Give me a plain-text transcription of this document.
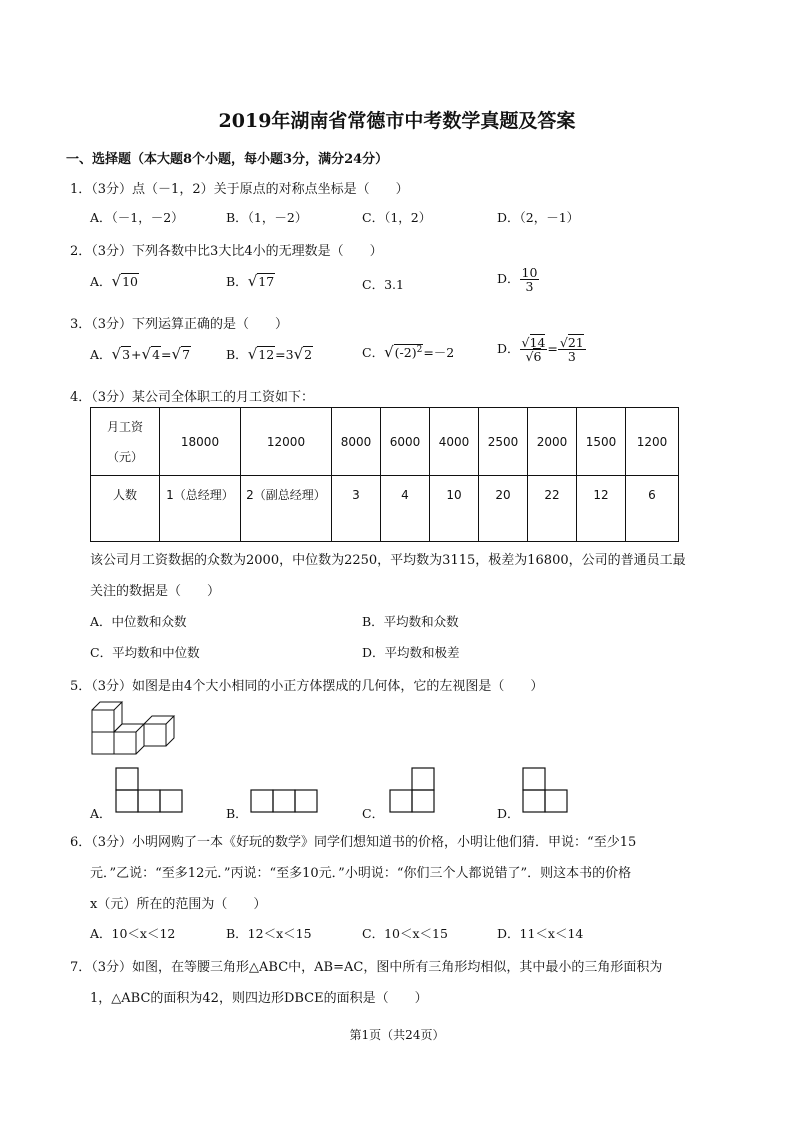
2019年湖南省常德市中考数学真题及答案
一、选择题（本大题8个小题，每小题3分，满分24分）
1．（3分）点（－1，2）关于原点的对称点坐标是（　　）
A．（－1，－2）	B．（1，－2）	C．（1，2）	D．（2，－1）
2．（3分）下列各数中比3大比4小的无理数是（　　）
A．√10	B．√17	C．3.1	D． $\frac{10}{3}$
3．（3分）下列运算正确的是（　　）
A．√3+√4=√7	B．√12=3√2	C．$√(-2)^2=-2$	D． $\frac{√14}{√6} = \frac{√21}{3}$
4．（3分）某公司全体职工的月工资如下：
月工资
（元）	18000	12000	8000	6000	4000	2500	2000	1500	1200
人数	1（总经理）	2（副总经理）	3	4	10	20	22	12	6
该公司月工资数据的众数为2000，中位数为2250，平均数为3115，极差为16800，公司的普通员工最
关注的数据是（　　）
A．中位数和众数	B．平均数和众数
C．平均数和中位数	D．平均数和极差
5．（3分）如图是由4个大小相同的小正方体摆成的几何体，它的左视图是（　　）
A．	B．	C．	D．
6．（3分）小明网购了一本《好玩的数学》同学们想知道书的价格，小明让他们猜．甲说：“至少15
元．”乙说：“至多12元．”丙说：“至多10元．”小明说：“你们三个人都说错了”．则这本书的价格
x（元）所在的范围为（　　）
A．10＜x＜12	B．12＜x＜15	C．10＜x＜15	D．11＜x＜14
7．（3分）如图，在等腰三角形△ABC中，AB=AC，图中所有三角形均相似，其中最小的三角形面积为
1，△ABC的面积为42，则四边形DBCE的面积是（　　）
第1页（共24页）
